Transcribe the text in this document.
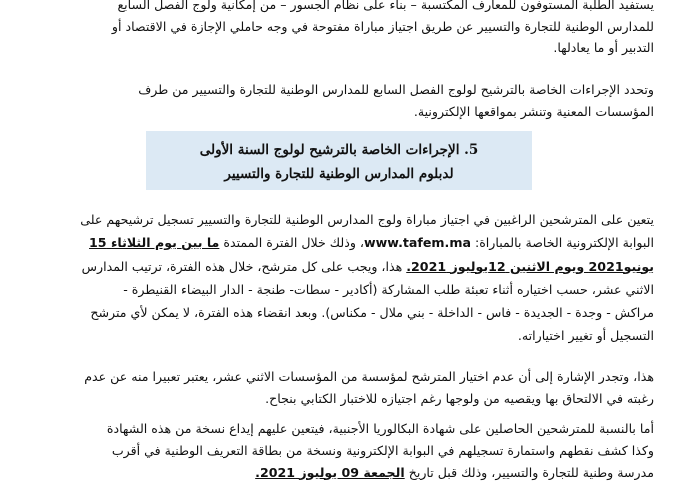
يستفيد الطلبة المستوفون للمعارف المكتسبة – بناء على نظام الجسور – من إمكانية ولوج الفصل السابع
للمدارس الوطنية للتجارة والتسيير عن طريق اجتياز مباراة مفتوحة في وجه حاملي الإجازة في الاقتصاد أو
التدبير أو ما يعادلها.

وتحدد الإجراءات الخاصة بالترشيح لولوج الفصل السابع للمدارس الوطنية للتجارة والتسيير من طرف
المؤسسات المعنية وتنشر بمواقعها الإلكترونية.

5. الإجراءات الخاصة بالترشيح لولوج السنة الأولى
لدبلوم المدارس الوطنية للتجارة والتسيير

يتعين على المترشحين الراغبين في اجتياز مباراة ولوج المدارس الوطنية للتجارة والتسيير تسجيل ترشيحهم على
البوابة الإلكترونية الخاصة بالمباراة: www.tafem.ma، وذلك خلال الفترة الممتدة ما بين يوم الثلاثاء 15
يونيو2021 ويوم الاثنين 12يوليوز 2021. هذا، ويجب على كل مترشح، خلال هذه الفترة، ترتيب المدارس
الاثني عشر، حسب اختياره أثناء تعبئة طلب المشاركة (أكادير - سطات- طنجة - الدار البيضاء القنيطرة -
مراكش - وجدة - الجديدة - فاس - الداخلة - بني ملال - مكناس). وبعد انقضاء هذه الفترة، لا يمكن لأي مترشح
التسجيل أو تغيير اختياراته.

هذا، وتجدر الإشارة إلى أن عدم اختيار المترشح لمؤسسة من المؤسسات الاثني عشر، يعتبر تعبيرا منه عن عدم
رغبته في الالتحاق بها ويقصيه من ولوجها رغم اجتيازه للاختبار الكتابي بنجاح.

أما بالنسبة للمترشحين الحاصلين على شهادة البكالوريا الأجنبية، فيتعين عليهم إيداع نسخة من هذه الشهادة
وكذا كشف نقطهم واستمارة تسجيلهم في البوابة الإلكترونية ونسخة من بطاقة التعريف الوطنية في أقرب
مدرسة وطنية للتجارة والتسيير، وذلك قبل تاريخ الجمعة 09 يوليوز 2021.
